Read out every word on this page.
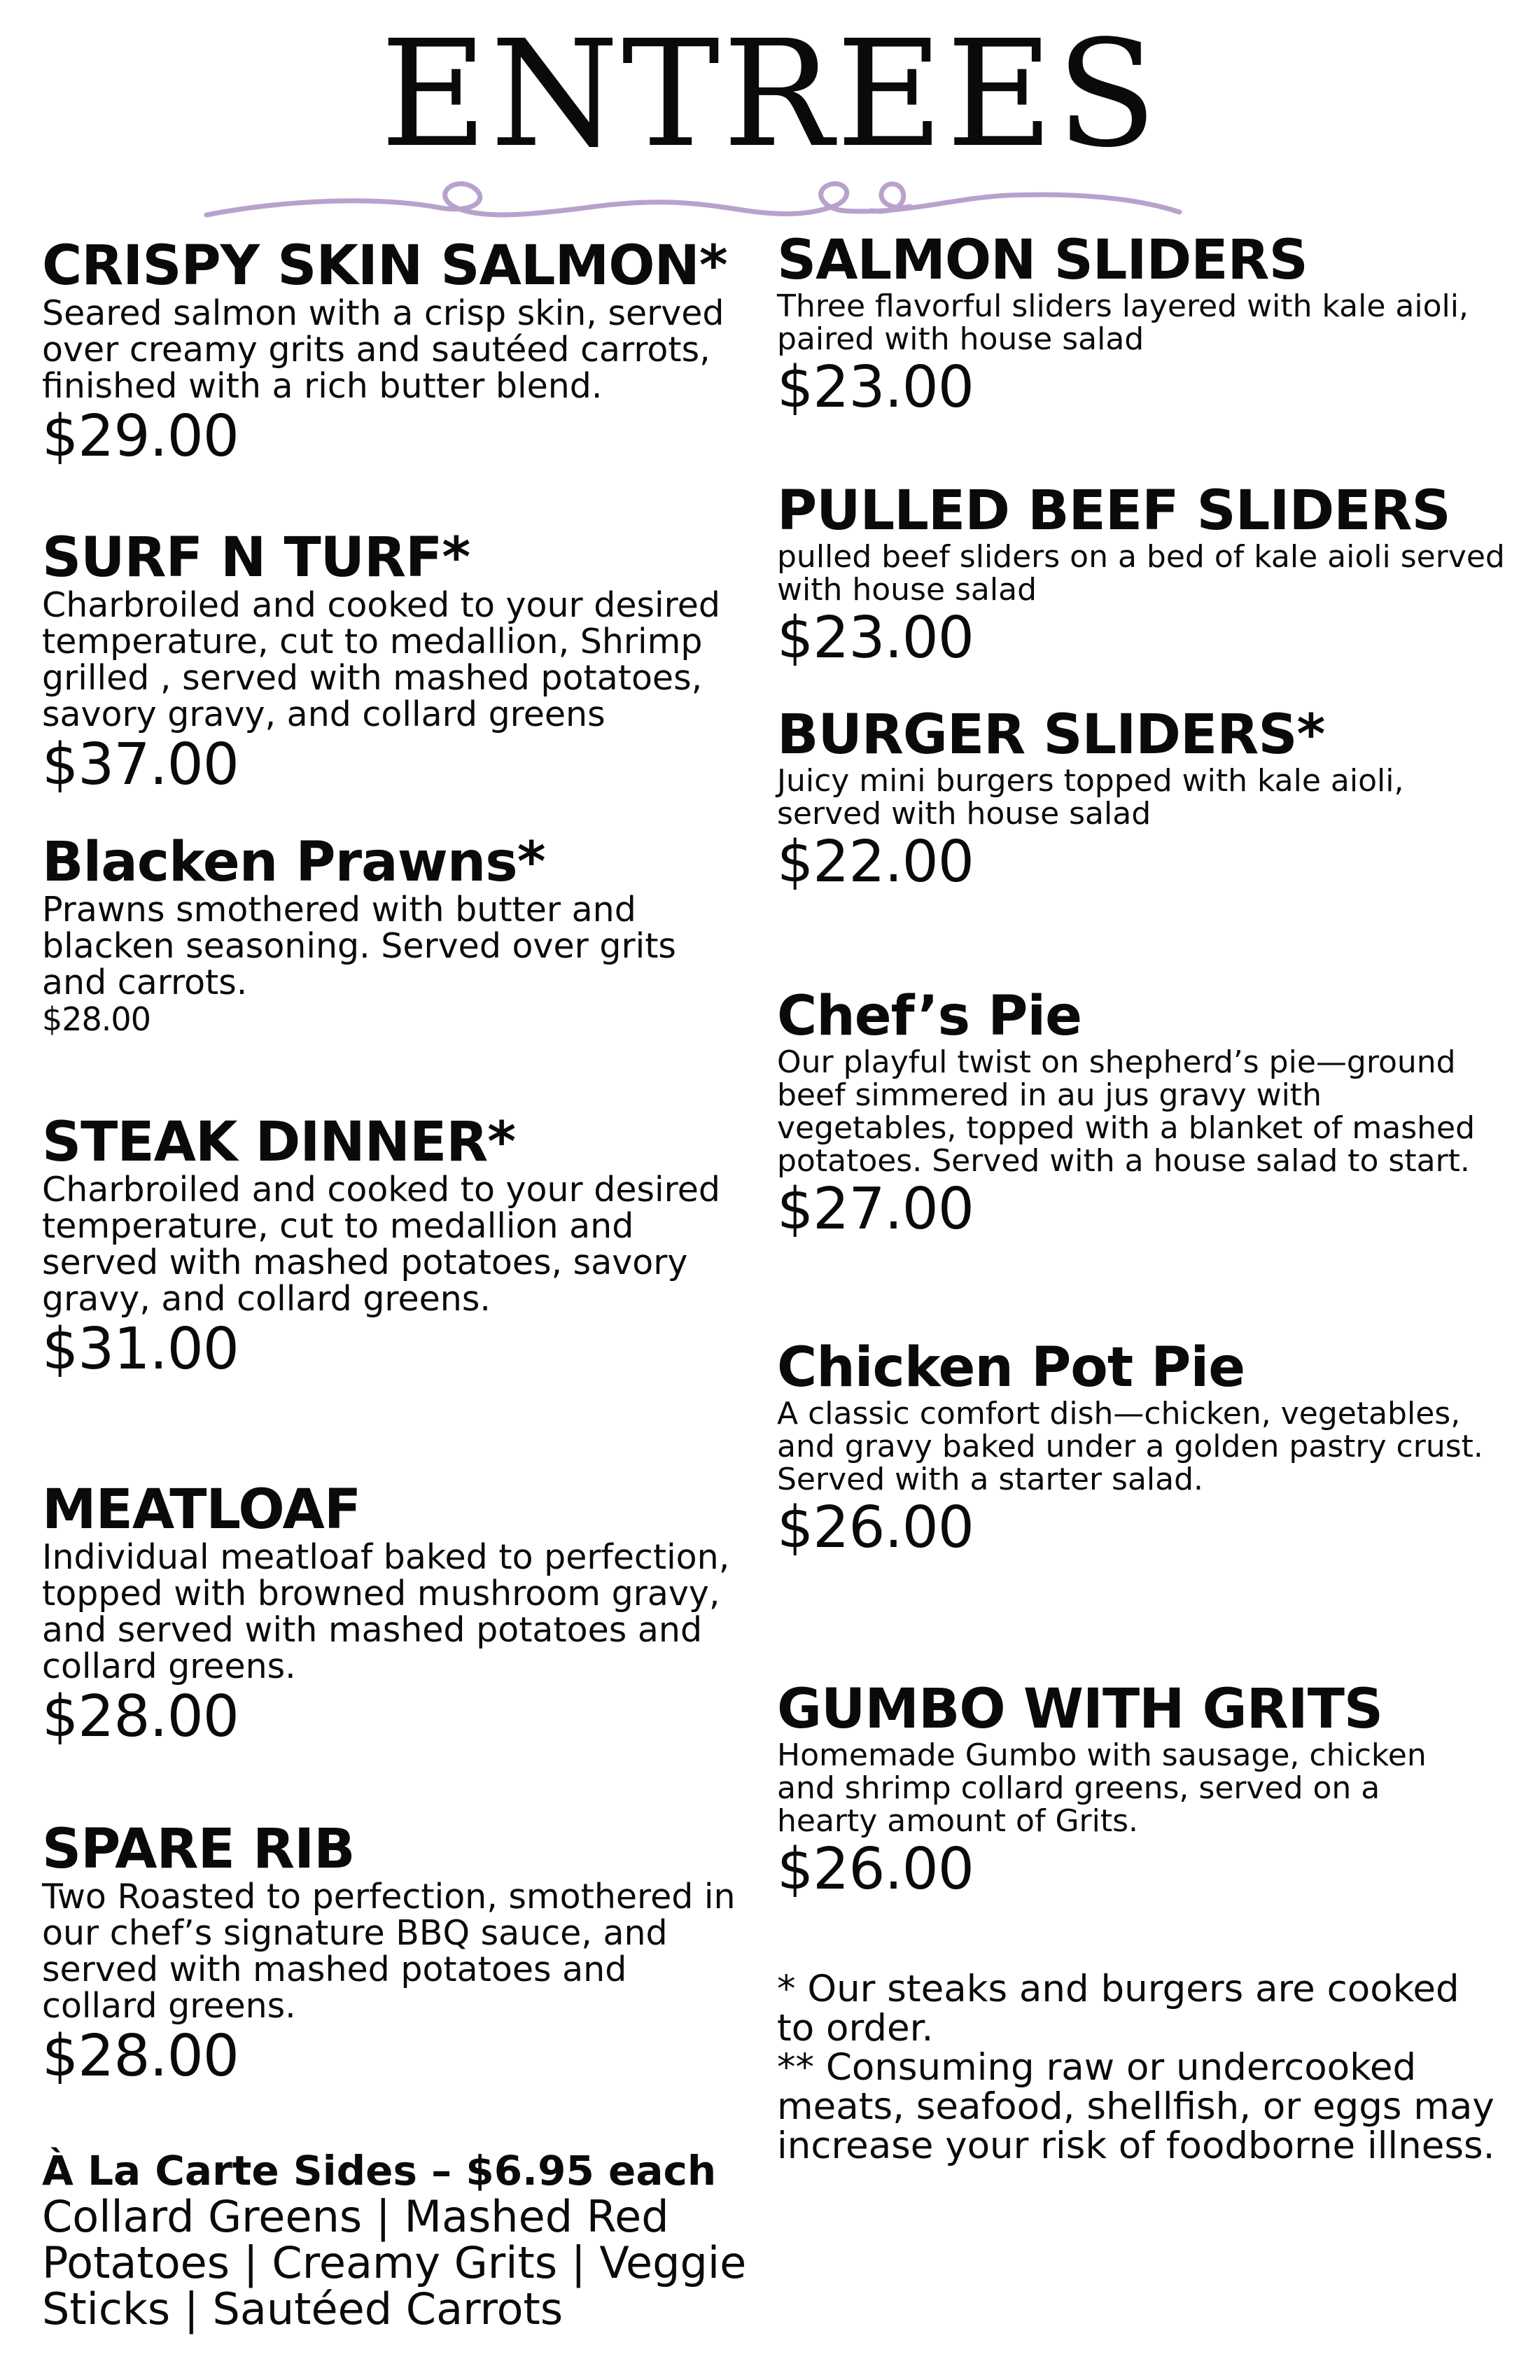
ENTREES
CRISPY SKIN SALMON*
Seared salmon with a crisp skin, served over creamy grits and sautéed carrots, finished with a rich butter blend.
$29.00
SURF N TURF*
Charbroiled and cooked to your desired temperature, cut to medallion, Shrimp grilled , served with mashed potatoes, savory gravy, and collard greens
$37.00
Blacken Prawns*
Prawns smothered with butter and blacken seasoning. Served over grits and carrots.
$28.00
STEAK DINNER*
Charbroiled and cooked to your desired temperature, cut to medallion and served with mashed potatoes, savory gravy, and collard greens.
$31.00
MEATLOAF
Individual meatloaf baked to perfection, topped with browned mushroom gravy, and served with mashed potatoes and collard greens.
$28.00
SPARE RIB
Two Roasted to perfection, smothered in our chef’s signature BBQ sauce, and served with mashed potatoes and collard greens.
$28.00
À La Carte Sides – $6.95 each
Collard Greens | Mashed Red Potatoes | Creamy Grits | Veggie Sticks | Sautéed Carrots
SALMON SLIDERS
Three flavorful sliders layered with kale aioli, paired with house salad
$23.00
PULLED BEEF SLIDERS
pulled beef sliders on a bed of kale aioli served with house salad
$23.00
BURGER SLIDERS*
Juicy mini burgers topped with kale aioli, served with house salad
$22.00
Chef’s Pie
Our playful twist on shepherd’s pie—ground beef simmered in au jus gravy with vegetables, topped with a blanket of mashed potatoes. Served with a house salad to start.
$27.00
Chicken Pot Pie
A classic comfort dish—chicken, vegetables, and gravy baked under a golden pastry crust. Served with a starter salad.
$26.00
GUMBO WITH GRITS
Homemade Gumbo with sausage, chicken and shrimp collard greens, served on a hearty amount of Grits.
$26.00
* Our steaks and burgers are cooked to order.
** Consuming raw or undercooked meats, seafood, shellfish, or eggs may increase your risk of foodborne illness.
